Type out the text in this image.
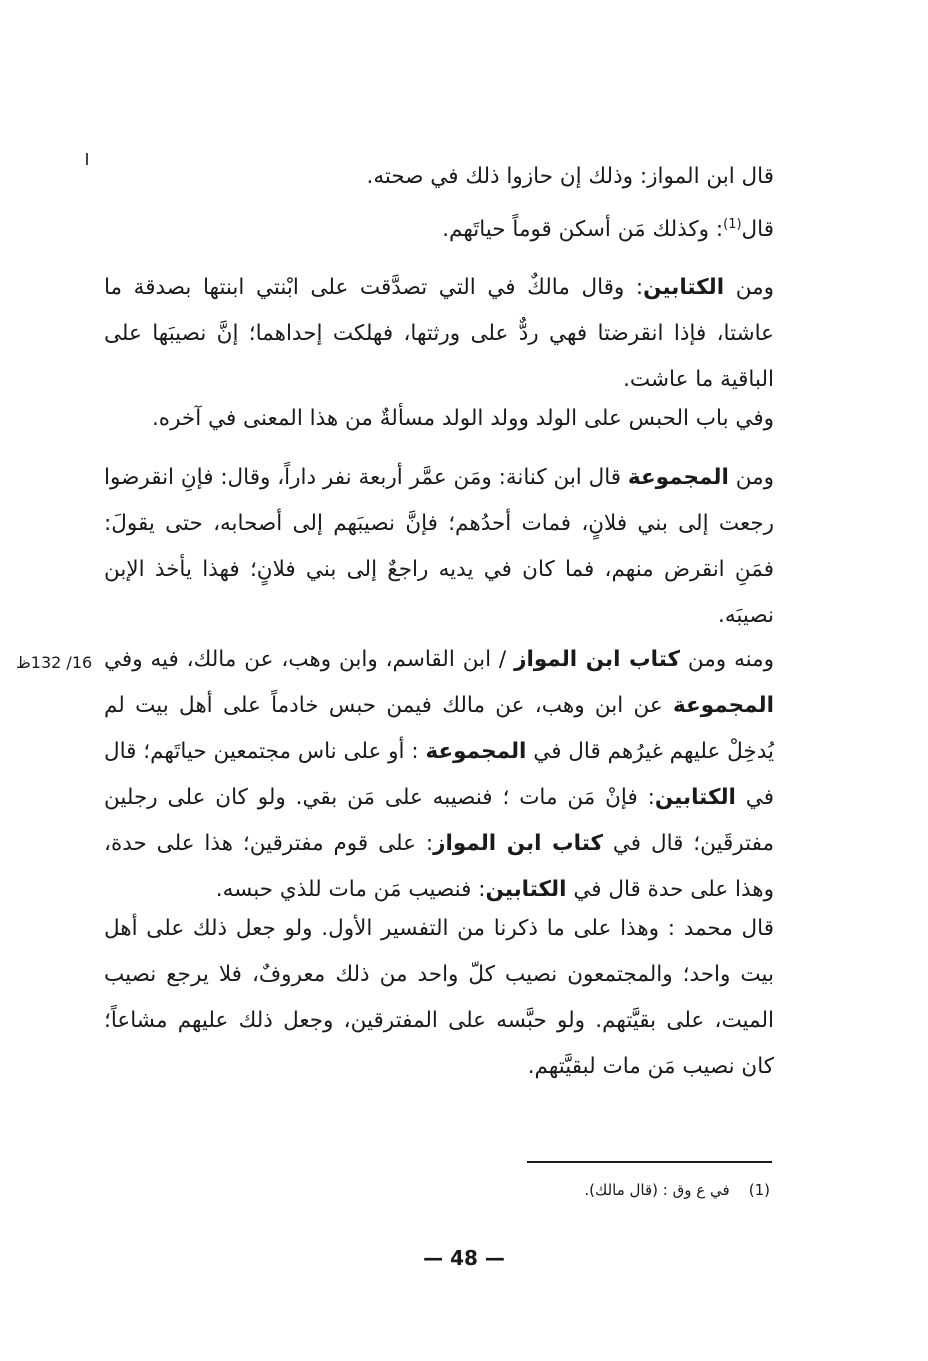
قال ابن المواز: وذلك إن حازوا ذلك في صحته.

قال$^{(1)}$: وكذلك مَن أسكن قوماً حياتَهم.

ومن الكتابين: وقال مالكٌ في التي تصدَّقت على ابْنتي ابنتها بصدقة ما عاشتا، فإذا انقرضتا فهي ردٌّ على ورثتها، فهلكت إحداهما؛ إنَّ نصيبَها على الباقية ما عاشت.

وفي باب الحبس على الولد وولد الولد مسألةٌ من هذا المعنى في آخره.

ومن المجموعة قال ابن كنانة: ومَن عمَّر أربعة نفر داراً، وقال: فإنِ انقرضوا رجعت إلى بني فلانٍ، فمات أحدُهم؛ فإنَّ نصيبَهم إلى أصحابه، حتى يقولَ: فمَنِ انقرض منهم، فما كان في يديه راجعٌ إلى بني فلانٍ؛ فهذا يأخذ الإبن نصيبَه.

16/ 132ظ	ومنه ومن كتاب ابن المواز / ابن القاسم، وابن وهب، عن مالك، فيه وفي المجموعة عن ابن وهب، عن مالك فيمن حبس خادماً على أهل بيت لم يُدخِلْ عليهم غيرُهم قال في المجموعة : أو على ناس مجتمعين حياتَهم؛ قال في الكتابين: فإنْ مَن مات ؛ فنصيبه على مَن بقي. ولو كان على رجلين مفترقَين؛ قال في كتاب ابن المواز: على قوم مفترقين؛ هذا على حدة، وهذا على حدة قال في الكتابين: فنصيب مَن مات للذي حبسه.

قال محمد : وهذا على ما ذكرنا من التفسير الأول. ولو جعل ذلك على أهل بيت واحد؛ والمجتمعون نصيب كلّ واحد من ذلك معروفٌ، فلا يرجع نصيب الميت، على بقيَّتهم. ولو حبَّسه على المفترقين، وجعل ذلك عليهم مشاعاً؛ كان نصيب مَن مات لبقيَّتهم.

(1)    في ع وق : (قال مالك).
— 48 —
